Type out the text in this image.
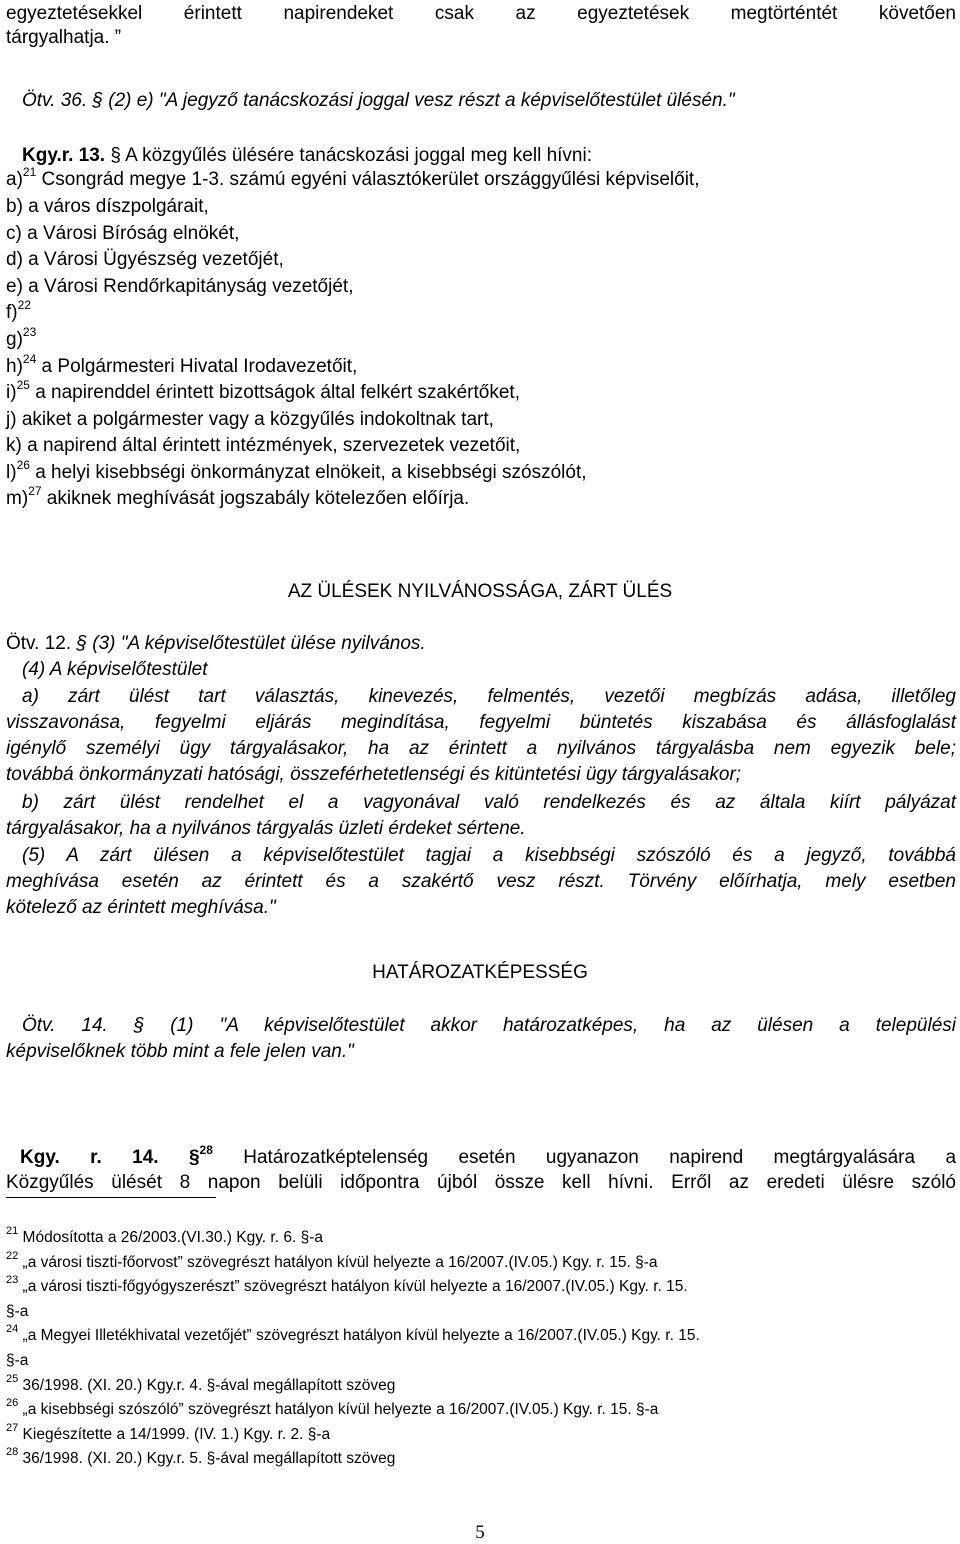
egyeztetésekkel érintett napirendeket csak az egyeztetések megtörténtét követően
tárgyalhatja. ”
Ötv. 36. § (2) e) "A jegyző tanácskozási joggal vesz részt a képviselőtestület ülésén."
Kgy.r. 13. § A közgyűlés ülésére tanácskozási joggal meg kell hívni:
a)$^{21}$ Csongrád megye 1-3. számú egyéni választókerület országgyűlési képviselőit,
b) a város díszpolgárait,
c) a Városi Bíróság elnökét,
d) a Városi Ügyészség vezetőjét,
e) a Városi Rendőrkapitányság vezetőjét,
f)$^{22}$
g)$^{23}$
h)$^{24}$ a Polgármesteri Hivatal Irodavezetőit,
i)$^{25}$ a napirenddel érintett bizottságok által felkért szakértőket,
j) akiket a polgármester vagy a közgyűlés indokoltnak tart,
k) a napirend által érintett intézmények, szervezetek vezetőit,
l)$^{26}$ a helyi kisebbségi önkormányzat elnökeit, a kisebbségi szószólót,
m)$^{27}$ akiknek meghívását jogszabály kötelezően előírja.
AZ ÜLÉSEK NYILVÁNOSSÁGA, ZÁRT ÜLÉS
Ötv. 12. § (3) "A képviselőtestület ülése nyilvános.
(4) A képviselőtestület
a) zárt ülést tart választás, kinevezés, felmentés, vezetői megbízás adása, illetőleg
visszavonása, fegyelmi eljárás megindítása, fegyelmi büntetés kiszabása és állásfoglalást
igénylő személyi ügy tárgyalásakor, ha az érintett a nyilvános tárgyalásba nem egyezik bele;
továbbá önkormányzati hatósági, összeférhetetlenségi és kitüntetési ügy tárgyalásakor;
b) zárt ülést rendelhet el a vagyonával való rendelkezés és az általa kiírt pályázat
tárgyalásakor, ha a nyilvános tárgyalás üzleti érdeket sértene.
(5) A zárt ülésen a képviselőtestület tagjai a kisebbségi szószóló és a jegyző, továbbá
meghívása esetén az érintett és a szakértő vesz részt. Törvény előírhatja, mely esetben
kötelező az érintett meghívása."
HATÁROZATKÉPESSÉG
Ötv. 14. § (1) "A képviselőtestület akkor határozatképes, ha az ülésen a települési
képviselőknek több mint a fele jelen van."
Kgy. r. 14. §$^{28}$ Határozatképtelenség esetén ugyanazon napirend megtárgyalására a
Közgyűlés ülését 8 napon belüli időpontra újból össze kell hívni. Erről az eredeti ülésre szóló
$^{21}$ Módosította a 26/2003.(VI.30.) Kgy. r. 6. §-a
$^{22}$ „a városi tiszti-főorvost” szövegrészt hatályon kívül helyezte a 16/2007.(IV.05.) Kgy. r. 15. §-a
$^{23}$ „a városi tiszti-főgyógyszerészt” szövegrészt hatályon kívül helyezte a 16/2007.(IV.05.) Kgy. r. 15.
§-a
$^{24}$ „a Megyei Illetékhivatal vezetőjét” szövegrészt hatályon kívül helyezte a 16/2007.(IV.05.) Kgy. r. 15.
§-a
$^{25}$ 36/1998. (XI. 20.) Kgy.r. 4. §-ával megállapított szöveg
$^{26}$ „a kisebbségi szószóló” szövegrészt hatályon kívül helyezte a 16/2007.(IV.05.) Kgy. r. 15. §-a
$^{27}$ Kiegészítette a 14/1999. (IV. 1.) Kgy. r. 2. §-a
$^{28}$ 36/1998. (XI. 20.) Kgy.r. 5. §-ával megállapított szöveg
5
